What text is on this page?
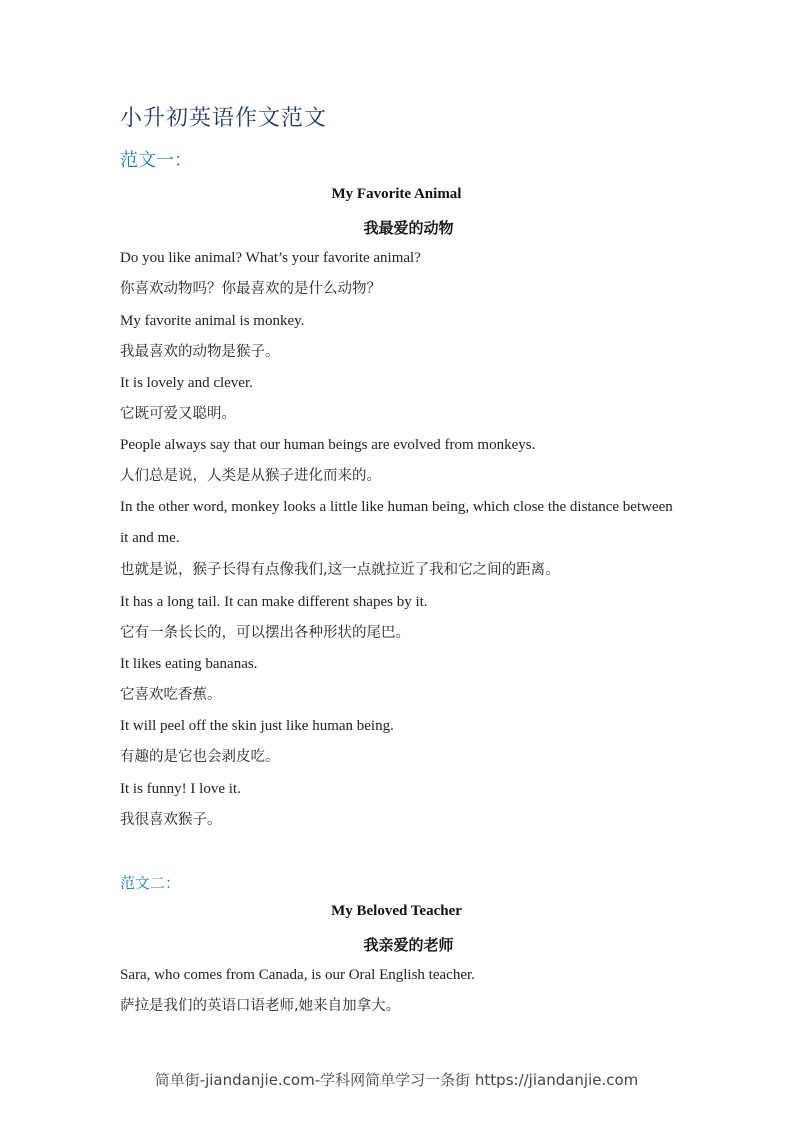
小升初英语作文范文
范文一：
My Favorite Animal
我最爱的动物
Do you like animal? What’s your favorite animal?
你喜欢动物吗？你最喜欢的是什么动物？
My favorite animal is monkey.
我最喜欢的动物是猴子。
It is lovely and clever.
它既可爱又聪明。
People always say that our human beings are evolved from monkeys.
人们总是说，人类是从猴子进化而来的。
In the other word, monkey looks a little like human being, which close the distance between it and me.
也就是说，猴子长得有点像我们,这一点就拉近了我和它之间的距离。
It has a long tail. It can make different shapes by it.
它有一条长长的，可以摆出各种形状的尾巴。
It likes eating bananas.
它喜欢吃香蕉。
It will peel off the skin just like human being.
有趣的是它也会剥皮吃。
It is funny! I love it.
我很喜欢猴子。
范文二：
My Beloved Teacher
我亲爱的老师
Sara, who comes from Canada, is our Oral English teacher.
萨拉是我们的英语口语老师,她来自加拿大。
简单街-jiandanjie.com-学科网简单学习一条街 https://jiandanjie.com
